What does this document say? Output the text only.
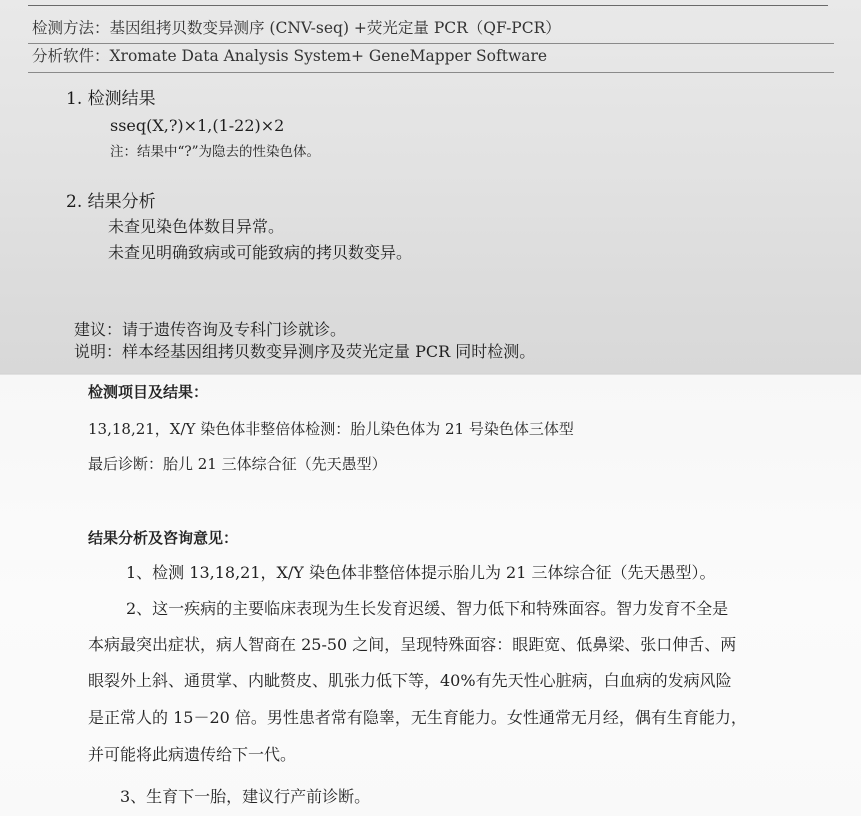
检测方法：基因组拷贝数变异测序 (CNV-seq) +荧光定量 PCR（QF-PCR）
分析软件：Xromate Data Analysis System+ GeneMapper Software
1. 检测结果
sseq(X,?)×1,(1-22)×2
注：结果中“?”为隐去的性染色体。
2. 结果分析
未查见染色体数目异常。
未查见明确致病或可能致病的拷贝数变异。
建议：请于遗传咨询及专科门诊就诊。
说明：样本经基因组拷贝数变异测序及荧光定量 PCR 同时检测。
检测项目及结果：
13,18,21，X/Y 染色体非整倍体检测：胎儿染色体为 21 号染色体三体型
最后诊断：胎儿 21 三体综合征（先天愚型）
结果分析及咨询意见：
1、检测 13,18,21，X/Y 染色体非整倍体提示胎儿为 21 三体综合征（先天愚型）。
2、这一疾病的主要临床表现为生长发育迟缓、智力低下和特殊面容。智力发育不全是
本病最突出症状，病人智商在 25-50 之间，呈现特殊面容：眼距宽、低鼻梁、张口伸舌、两
眼裂外上斜、通贯掌、内眦赘皮、肌张力低下等，40%有先天性心脏病，白血病的发病风险
是正常人的 15－20 倍。男性患者常有隐睾，无生育能力。女性通常无月经，偶有生育能力，
并可能将此病遗传给下一代。
3、生育下一胎，建议行产前诊断。
